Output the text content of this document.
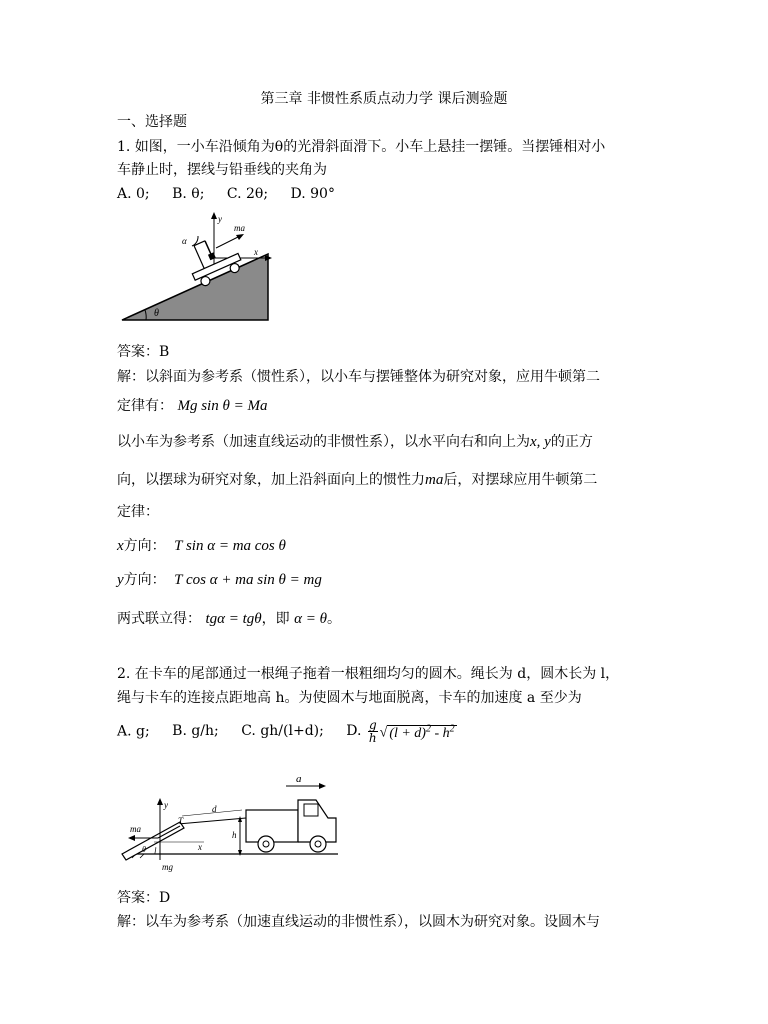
第三章 非惯性系质点动力学 课后测验题
一、选择题
1. 如图，一小车沿倾角为θ的光滑斜面滑下。小车上悬挂一摆锤。当摆锤相对小
车静止时，摆线与铅垂线的夹角为
A. 0; B. θ; C. 2θ; D. 90°
θ
y
x
ma
α
答案：B
解：以斜面为参考系（惯性系），以小车与摆锤整体为研究对象，应用牛顿第二
定律有： Mg sin θ = Ma
以小车为参考系（加速直线运动的非惯性系），以水平向右和向上为x, y的正方
向，以摆球为研究对象，加上沿斜面向上的惯性力ma后，对摆球应用牛顿第二
定律：
x方向： T sin α = ma cos θ
y方向： T cos α + ma sin θ = mg
两式联立得： tgα = tgθ，即 α = θ。
2. 在卡车的尾部通过一根绳子拖着一根粗细均匀的圆木。绳长为 d，圆木长为 l，
绳与卡车的连接点距地高 h。为使圆木与地面脱离，卡车的加速度 a 至少为
A. g; B. g/h; C. gh/(l+d); D. $\frac{g}{h}$ √ $(l + d)^2 - h^2$
a
h
d
y
T
ma
x
l
θ
mg
答案：D
解：以车为参考系（加速直线运动的非惯性系），以圆木为研究对象。设圆木与
